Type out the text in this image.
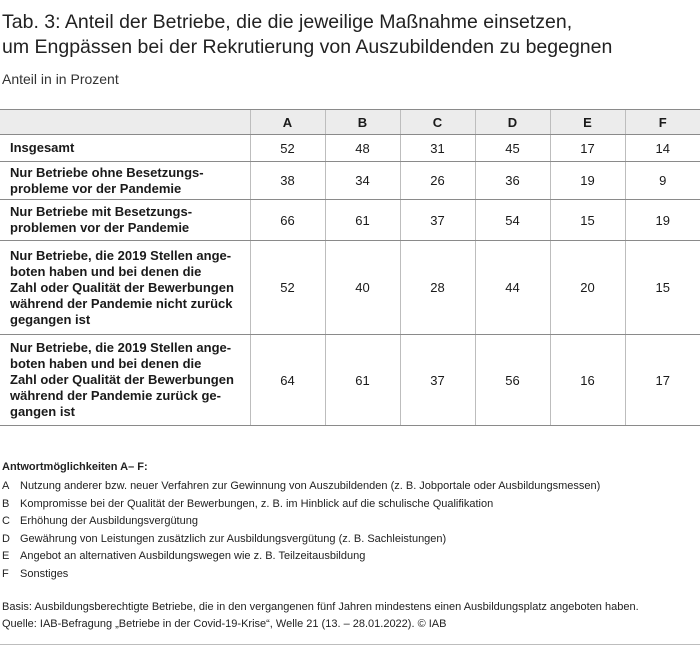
Tab. 3: Anteil der Betriebe, die die jeweilige Maßnahme einsetzen,
um Engpässen bei der Rekrutierung von Auszubildenden zu begegnen
Anteil in in Prozent
	A	B	C	D	E	F

Insgesamt	52	48	31	45	17	14

Nur Betriebe ohne Besetzungs-
probleme vor der Pandemie	38	34	26	36	19	9

Nur Betriebe mit Besetzungs-
problemen vor der Pandemie	66	61	37	54	15	19

Nur Betriebe, die 2019 Stellen ange-
boten haben und bei denen die
Zahl oder Qualität der Bewerbungen
während der Pandemie nicht zurück
gegangen ist	52	40	28	44	20	15

Nur Betriebe, die 2019 Stellen ange-
boten haben und bei denen die
Zahl oder Qualität der Bewerbungen
während der Pandemie zurück ge-
gangen ist	64	61	37	56	16	17
Antwortmöglichkeiten A– F:
A Nutzung anderer bzw. neuer Verfahren zur Gewinnung von Auszubildenden (z. B. Jobportale oder Ausbildungsmessen)
B Kompromisse bei der Qualität der Bewerbungen, z. B. im Hinblick auf die schulische Qualifikation
C Erhöhung der Ausbildungsvergütung
D Gewährung von Leistungen zusätzlich zur Ausbildungsvergütung (z. B. Sachleistungen)
E Angebot an alternativen Ausbildungswegen wie z. B. Teilzeitausbildung
F	Sonstiges
Basis: Ausbildungsberechtigte Betriebe, die in den vergangenen fünf Jahren mindestens einen Ausbildungsplatz angeboten haben.
Quelle: IAB-Befragung „Betriebe in der Covid-19-Krise“, Welle 21 (13. – 28.01.2022). © IAB
